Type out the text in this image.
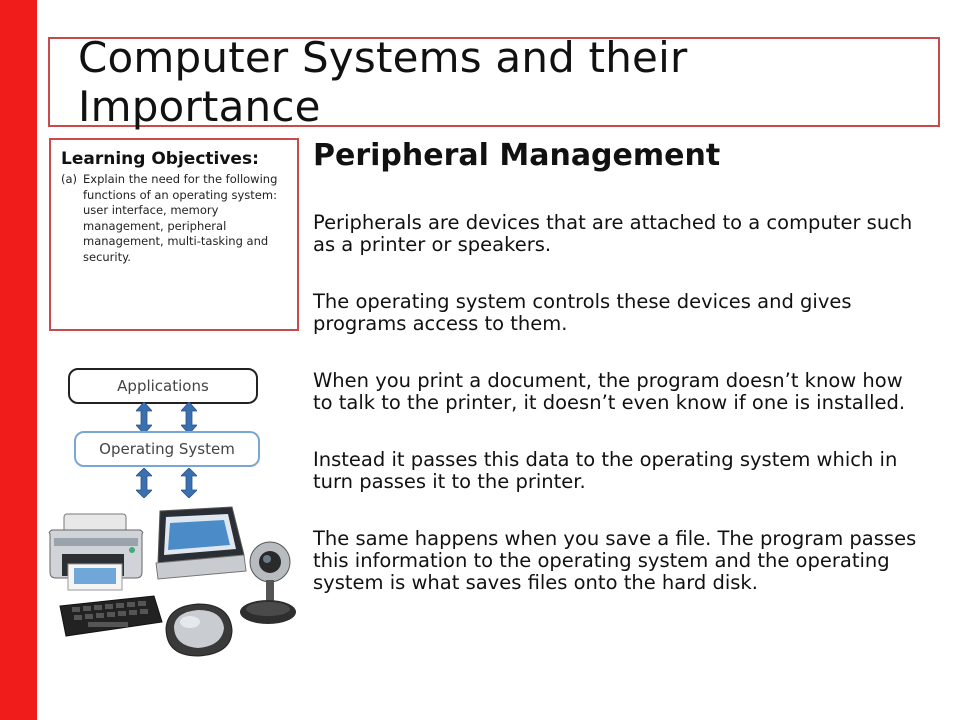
Computer Systems and their Importance
Learning Objectives:
(a) Explain the need for the following functions of an operating system: user interface, memory management, peripheral management, multi-tasking and security.
Peripheral Management

Peripherals are devices that are attached to a computer such as a printer or speakers.

The operating system controls these devices and gives programs access to them.

When you print a document, the program doesn’t know how to talk to the printer, it doesn’t even know if one is installed.

Instead it passes this data to the operating system which in turn passes it to the printer.

The same happens when you save a file. The program passes this information to the operating system and the operating system is what saves files onto the hard disk.

Applications
Operating System
